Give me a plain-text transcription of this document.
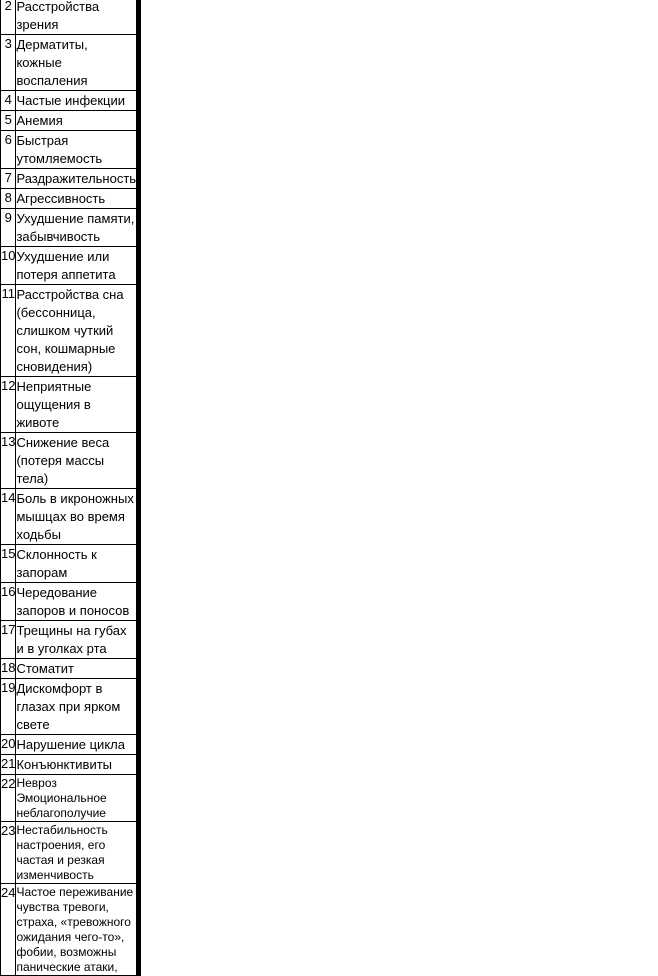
2	Расстройства зрения		

3	Дерматиты, кожные воспаления		

4	Частые инфекции		

5	Анемия		

6	Быстрая утомляемость		

7	Раздражительность		

8	Агрессивность		

9	Ухудшение памяти, забывчивость		

10	Ухудшение или потеря аппетита		

11	Расстройства сна (бессонница, слишком чуткий сон, кошмарные сновидения)		

12	Неприятные ощущения в животе		

13	Снижение веса (потеря массы тела)		

14	Боль в икроножных мышцах во время ходьбы		

15	Склонность к запорам		

16	Чередование запоров и поносов		

17	Трещины на губах и в уголках рта		

18	Стоматит		

19	Дискомфорт в глазах при ярком свете		

20	Нарушение цикла		

21	Конъюнктивиты		

22	Невроз Эмоциональное неблагополучие		

23	Нестабильность настроения, его частая и резкая изменчивость		

24	Частое переживание чувства тревоги, страха, «тревожного ожидания чего-то», фобии, возможны панические атаки,		
